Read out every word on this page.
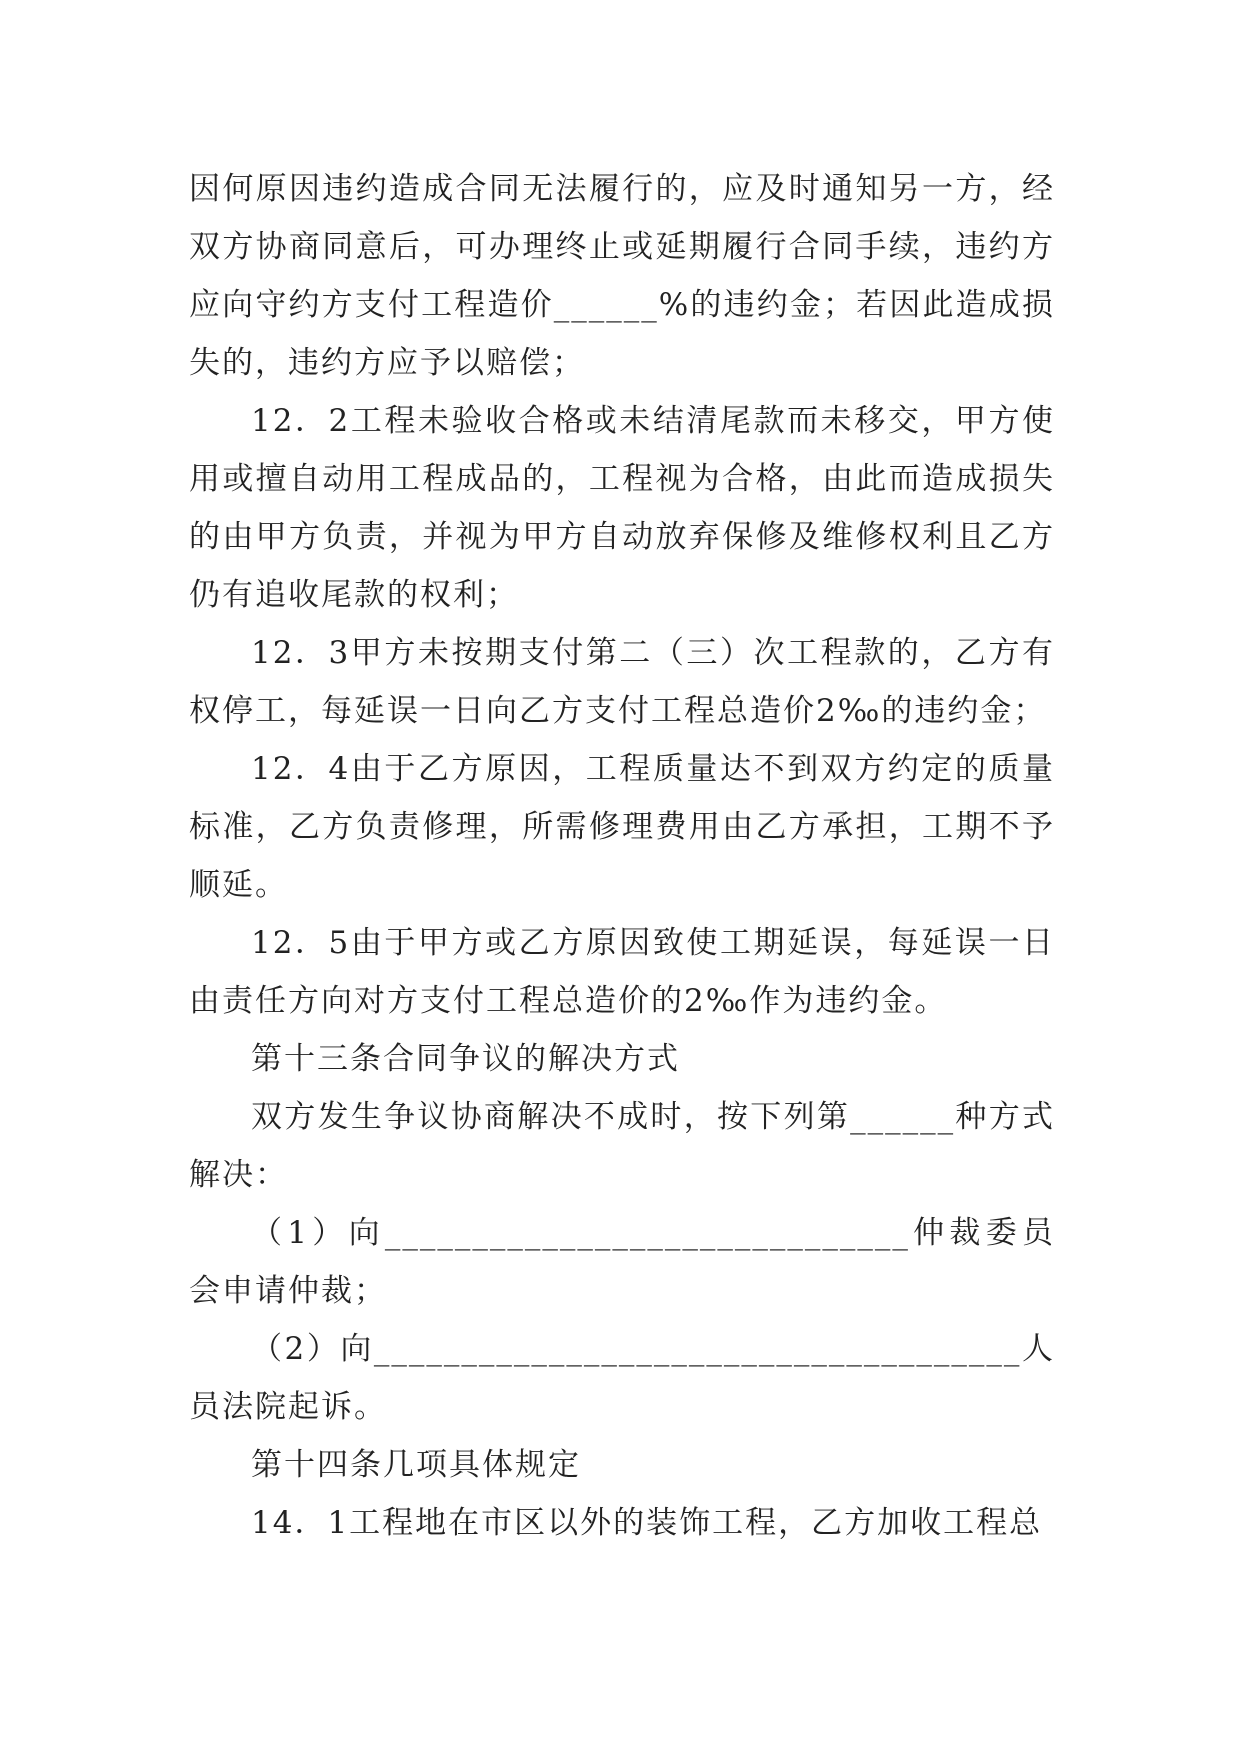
因何原因违约造成合同无法履行的，应及时通知另一方，经双方协商同意后，可办理终止或延期履行合同手续，违约方应向守约方支付工程造价______%的违约金；若因此造成损失的，违约方应予以赔偿；

12．2工程未验收合格或未结清尾款而未移交，甲方使用或擅自动用工程成品的，工程视为合格，由此而造成损失的由甲方负责，并视为甲方自动放弃保修及维修权利且乙方仍有追收尾款的权利；

12．3甲方未按期支付第二（三）次工程款的，乙方有权停工，每延误一日向乙方支付工程总造价2‰的违约金；

12．4由于乙方原因，工程质量达不到双方约定的质量标准，乙方负责修理，所需修理费用由乙方承担，工期不予顺延。

12．5由于甲方或乙方原因致使工期延误，每延误一日由责任方向对方支付工程总造价的2‰作为违约金。

第十三条合同争议的解决方式

双方发生争议协商解决不成时，按下列第______种方式解决：

（1）向______________________________仲裁委员会申请仲裁；

（2）向_____________________________________人员法院起诉。

第十四条几项具体规定

14．1工程地在市区以外的装饰工程，乙方加收工程总
